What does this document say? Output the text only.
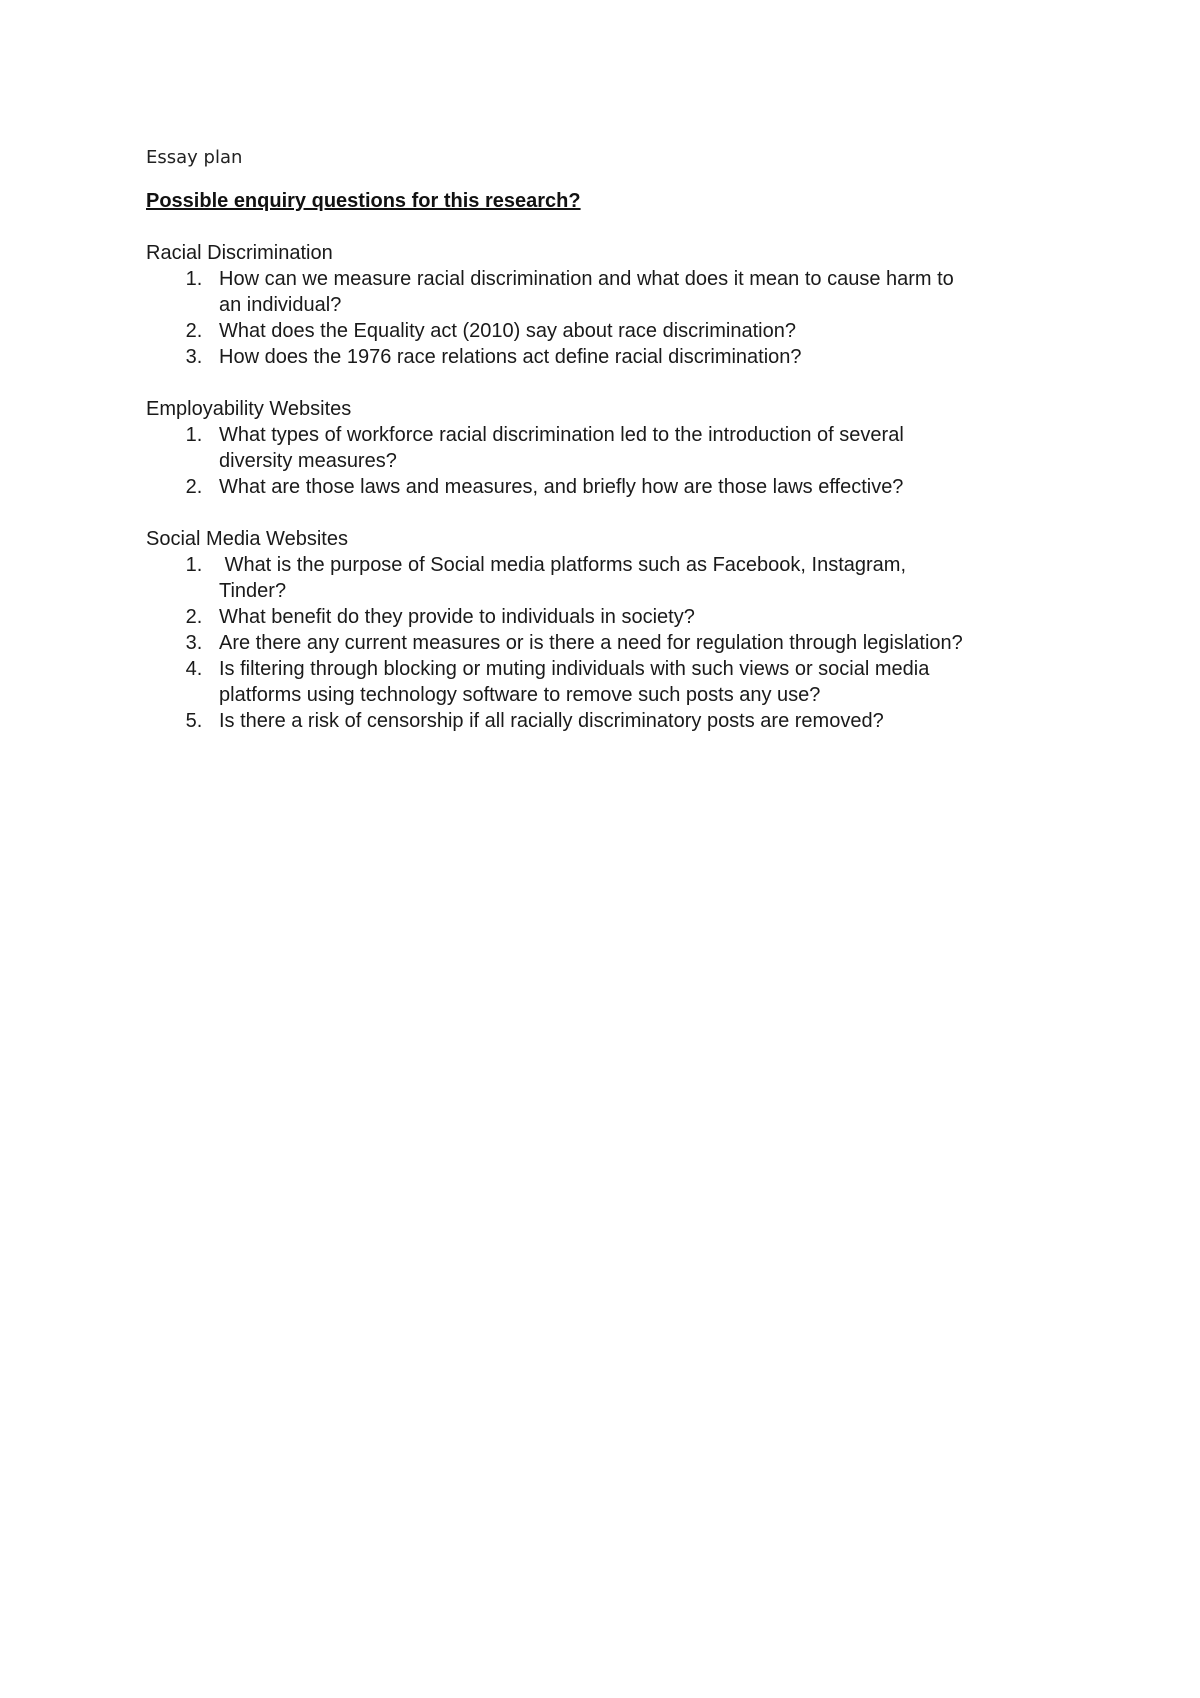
Essay plan
Possible enquiry questions for this research?
Racial Discrimination
1. How can we measure racial discrimination and what does it mean to cause harm to
an individual?
2. What does the Equality act (2010) say about race discrimination?
3. How does the 1976 race relations act define racial discrimination?
Employability Websites
1. What types of workforce racial discrimination led to the introduction of several
diversity measures?
2. What are those laws and measures, and briefly how are those laws effective?
Social Media Websites
1.	What is the purpose of Social media platforms such as Facebook, Instagram,
Tinder?
2. What benefit do they provide to individuals in society?
3. Are there any current measures or is there a need for regulation through legislation?
4. Is filtering through blocking or muting individuals with such views or social media
platforms using technology software to remove such posts any use?
5. Is there a risk of censorship if all racially discriminatory posts are removed?
